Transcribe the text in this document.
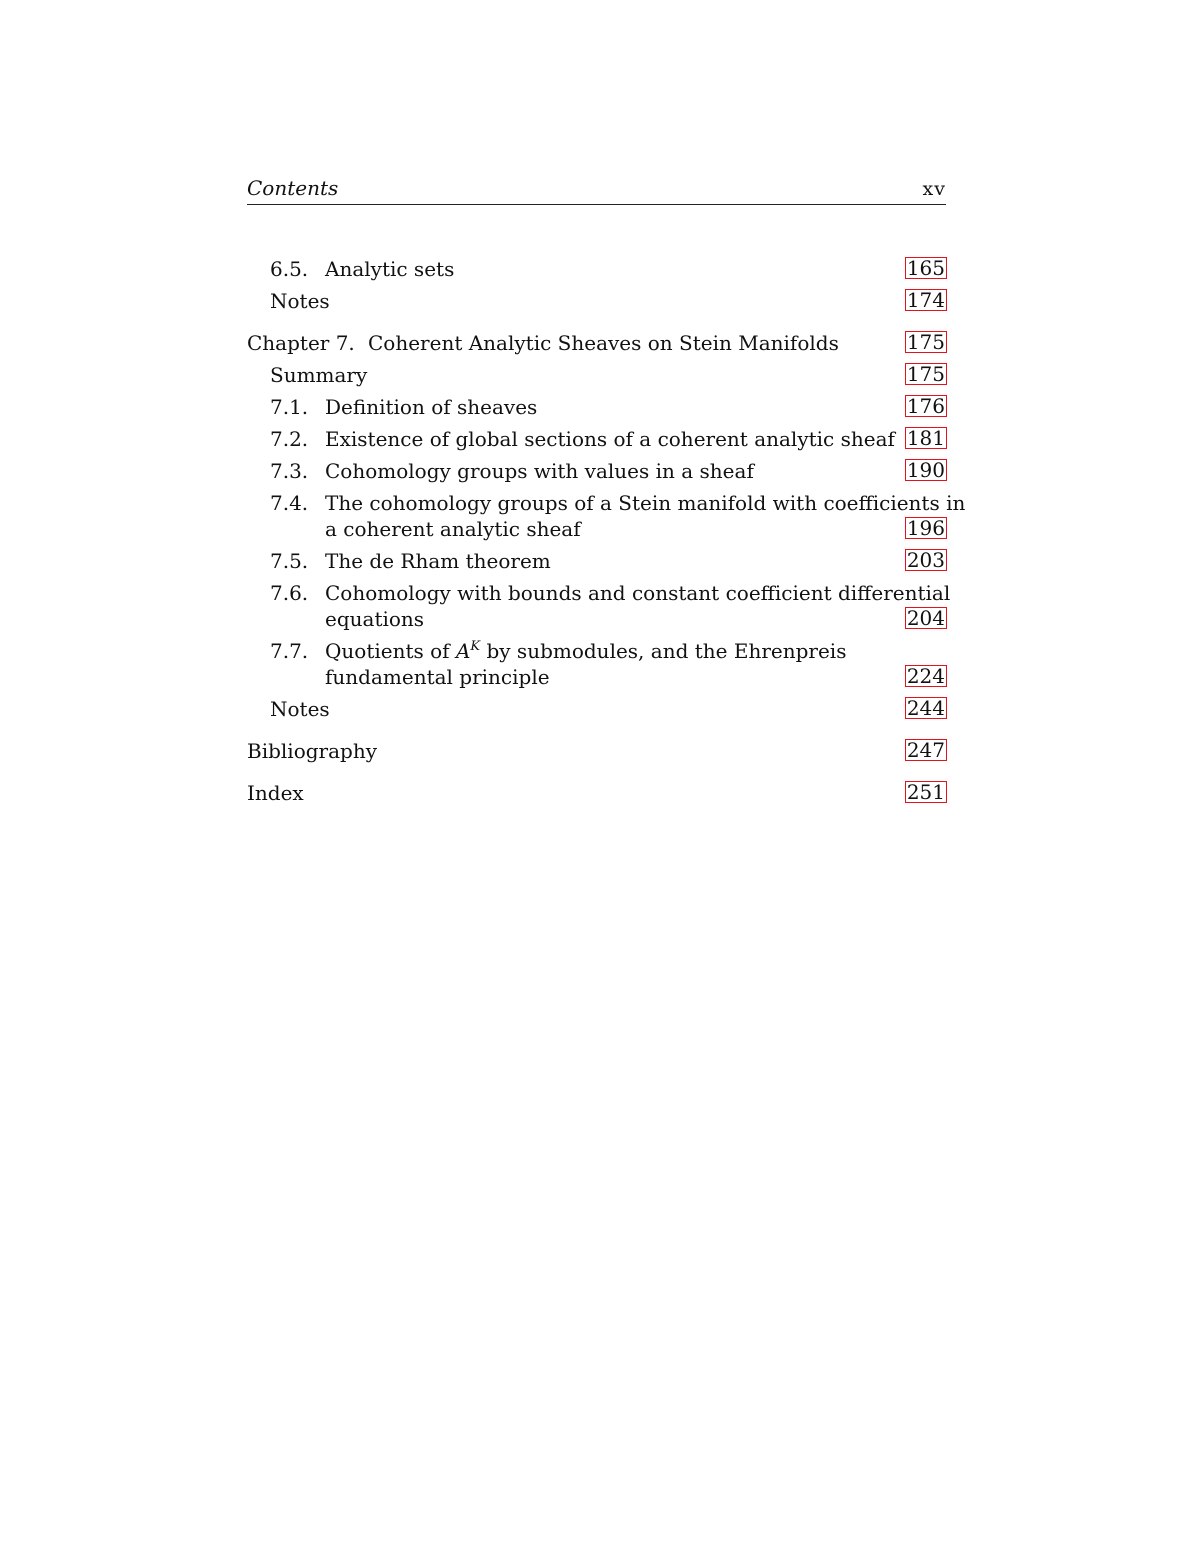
Contents	xv
6.5. Analytic sets	165
Notes	174
Chapter 7. Coherent Analytic Sheaves on Stein Manifolds	175
Summary	175
7.1. Definition of sheaves	176
7.2. Existence of global sections of a coherent analytic sheaf 181
7.3. Cohomology groups with values in a sheaf	190
7.4. The cohomology groups of a Stein manifold with coefficients in
a coherent analytic sheaf	196
7.5. The de Rham theorem	203
7.6. Cohomology with bounds and constant coefficient differential
equations	204
7.7. Quotients of $A^K$ by submodules, and the Ehrenpreis
fundamental principle	224
Notes	244
Bibliography	247
Index	251
